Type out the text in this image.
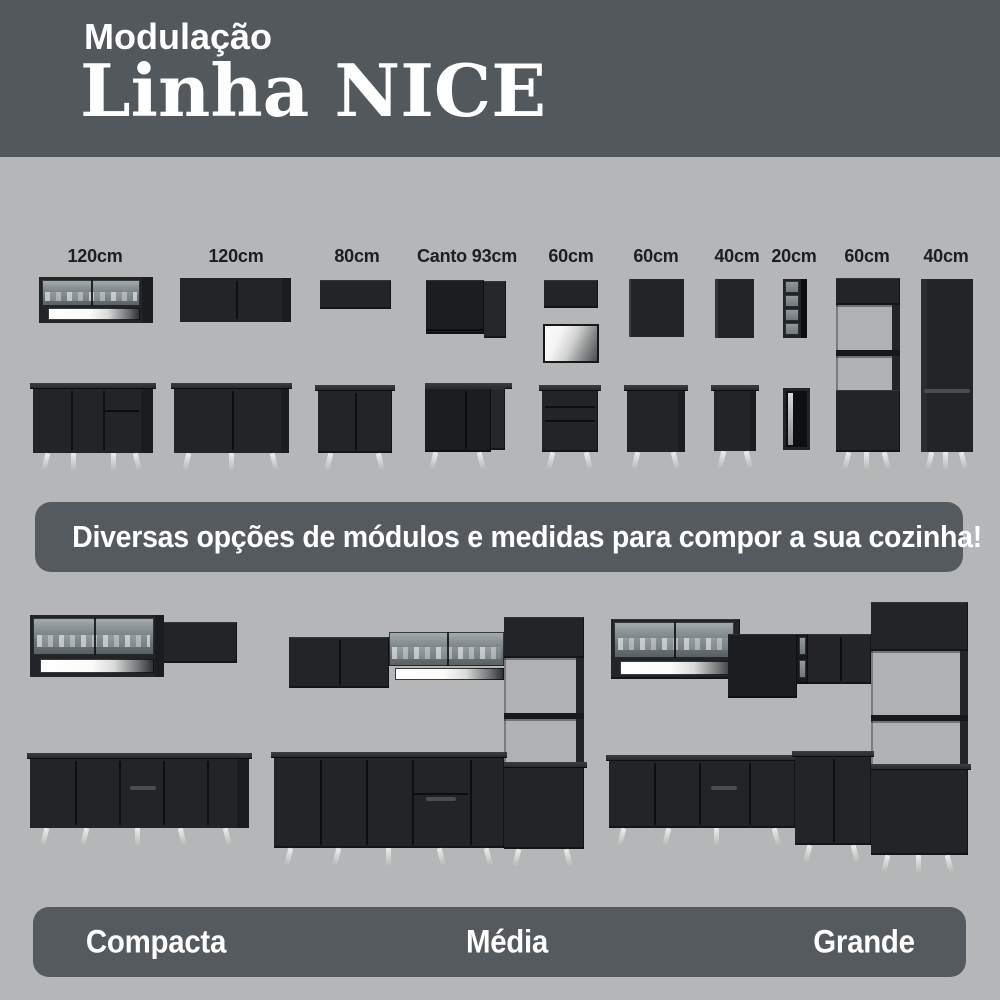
Modulação
Linha NICE
120cm	120cm	80cm	Canto 93cm	60cm	60cm	40cm 20cm	60cm	40cm
Diversas opções de módulos e medidas para compor a sua cozinha!
Compacta	Média	Grande
